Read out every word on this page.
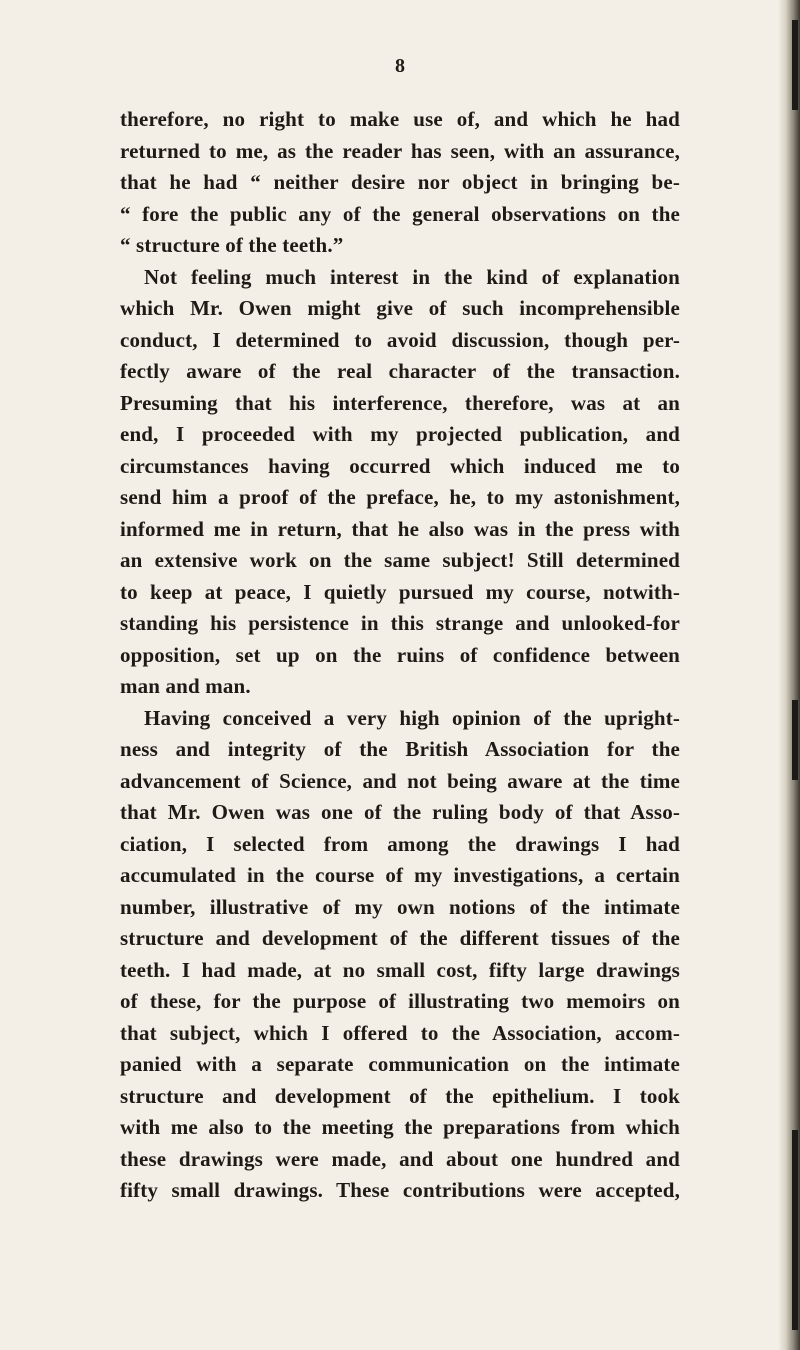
8
therefore, no right to make use of, and which he had
returned to me, as the reader has seen, with an assurance,
that he had “ neither desire nor object in bringing be-
“ fore the public any of the general observations on the
“ structure of the teeth.”
Not feeling much interest in the kind of explanation
which Mr. Owen might give of such incomprehensible
conduct, I determined to avoid discussion, though per-
fectly aware of the real character of the transaction.
Presuming that his interference, therefore, was at an
end, I proceeded with my projected publication, and
circumstances having occurred which induced me to
send him a proof of the preface, he, to my astonishment,
informed me in return, that he also was in the press with
an extensive work on the same subject! Still determined
to keep at peace, I quietly pursued my course, notwith-
standing his persistence in this strange and unlooked-for
opposition, set up on the ruins of confidence between
man and man.
Having conceived a very high opinion of the upright-
ness and integrity of the British Association for the
advancement of Science, and not being aware at the time
that Mr. Owen was one of the ruling body of that Asso-
ciation, I selected from among the drawings I had
accumulated in the course of my investigations, a certain
number, illustrative of my own notions of the intimate
structure and development of the different tissues of the
teeth. I had made, at no small cost, fifty large drawings
of these, for the purpose of illustrating two memoirs on
that subject, which I offered to the Association, accom-
panied with a separate communication on the intimate
structure and development of the epithelium. I took
with me also to the meeting the preparations from which
these drawings were made, and about one hundred and
fifty small drawings. These contributions were accepted,
